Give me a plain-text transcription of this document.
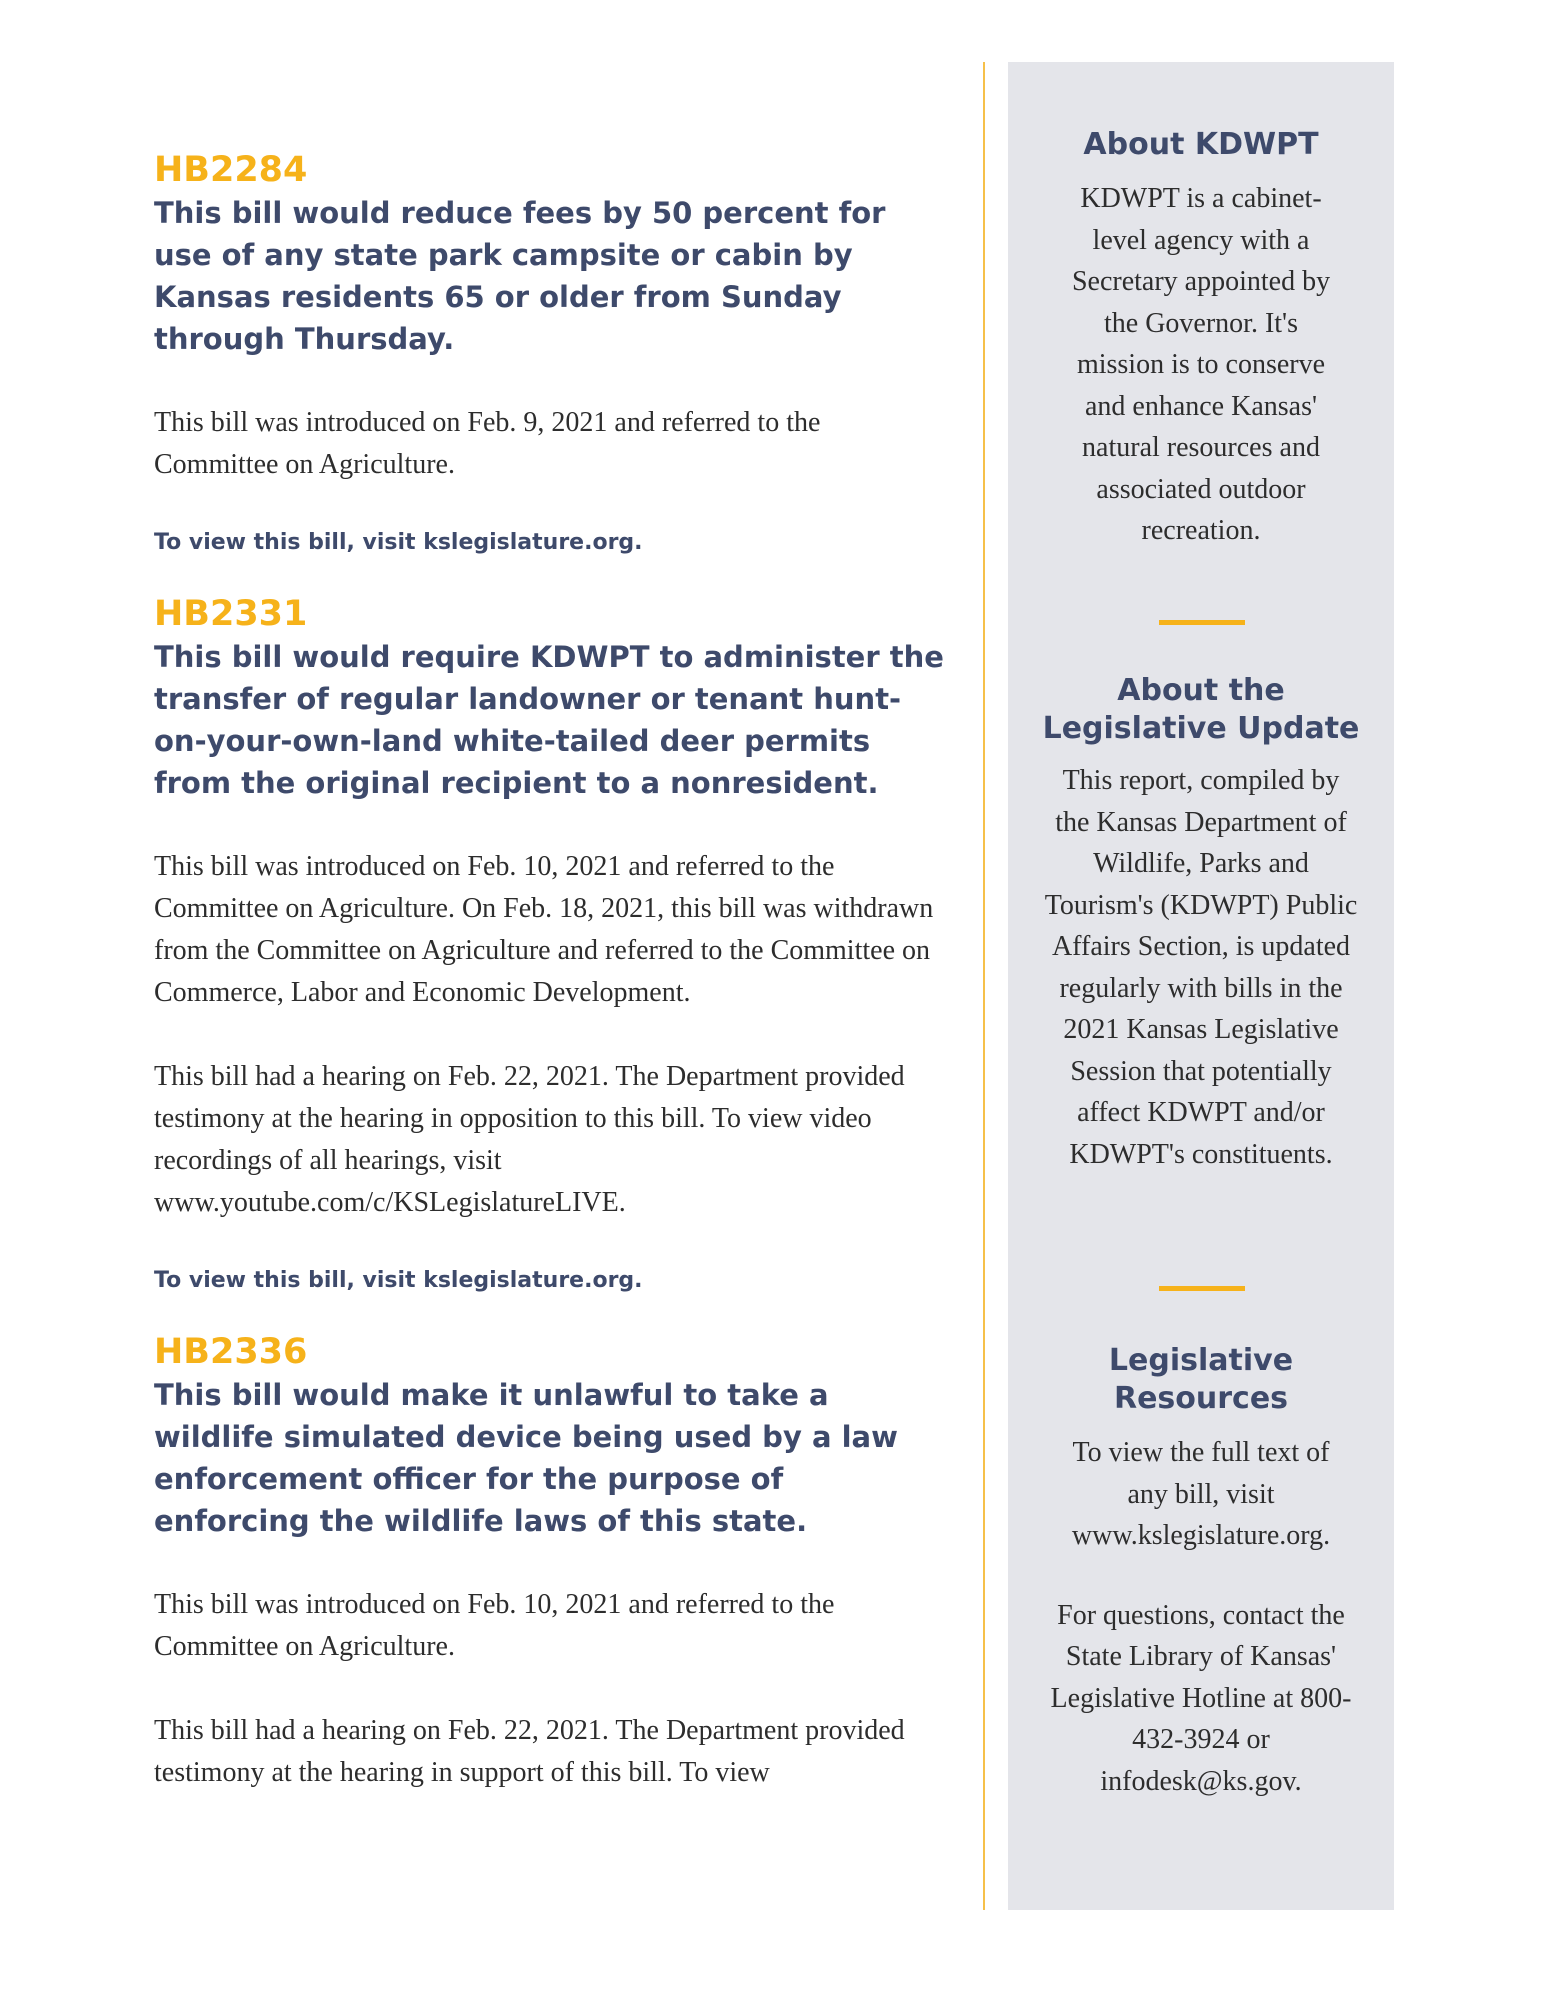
HB2284

This bill would reduce fees by 50 percent for use of any state park campsite or cabin by Kansas residents 65 or older from Sunday through Thursday.

This bill was introduced on Feb. 9, 2021 and referred to the Committee on Agriculture.

To view this bill, visit kslegislature.org.

HB2331

This bill would require KDWPT to administer the transfer of regular landowner or tenant hunt-on-your-own-land white-tailed deer permits from the original recipient to a nonresident.

This bill was introduced on Feb. 10, 2021 and referred to the Committee on Agriculture. On Feb. 18, 2021, this bill was withdrawn from the Committee on Agriculture and referred to the Committee on Commerce, Labor and Economic Development.

This bill had a hearing on Feb. 22, 2021. The Department provided testimony at the hearing in opposition to this bill. To view video recordings of all hearings, visit www.youtube.com/c/KSLegislatureLIVE.

To view this bill, visit kslegislature.org.

HB2336

This bill would make it unlawful to take a wildlife simulated device being used by a law enforcement officer for the purpose of enforcing the wildlife laws of this state.

This bill was introduced on Feb. 10, 2021 and referred to the Committee on Agriculture.

This bill had a hearing on Feb. 22, 2021. The Department provided testimony at the hearing in support of this bill. To view

About KDWPT

KDWPT is a cabinet-level agency with a Secretary appointed by the Governor. It's mission is to conserve and enhance Kansas' natural resources and associated outdoor recreation.

About the

Legislative Update

This report, compiled by the Kansas Department of Wildlife, Parks and Tourism's (KDWPT) Public Affairs Section, is updated regularly with bills in the 2021 Kansas Legislative Session that potentially affect KDWPT and/or KDWPT's constituents.

Legislative

Resources

To view the full text of any bill, visit www.kslegislature.org.

For questions, contact the State Library of Kansas' Legislative Hotline at 800-432-3924 or infodesk@ks.gov.
